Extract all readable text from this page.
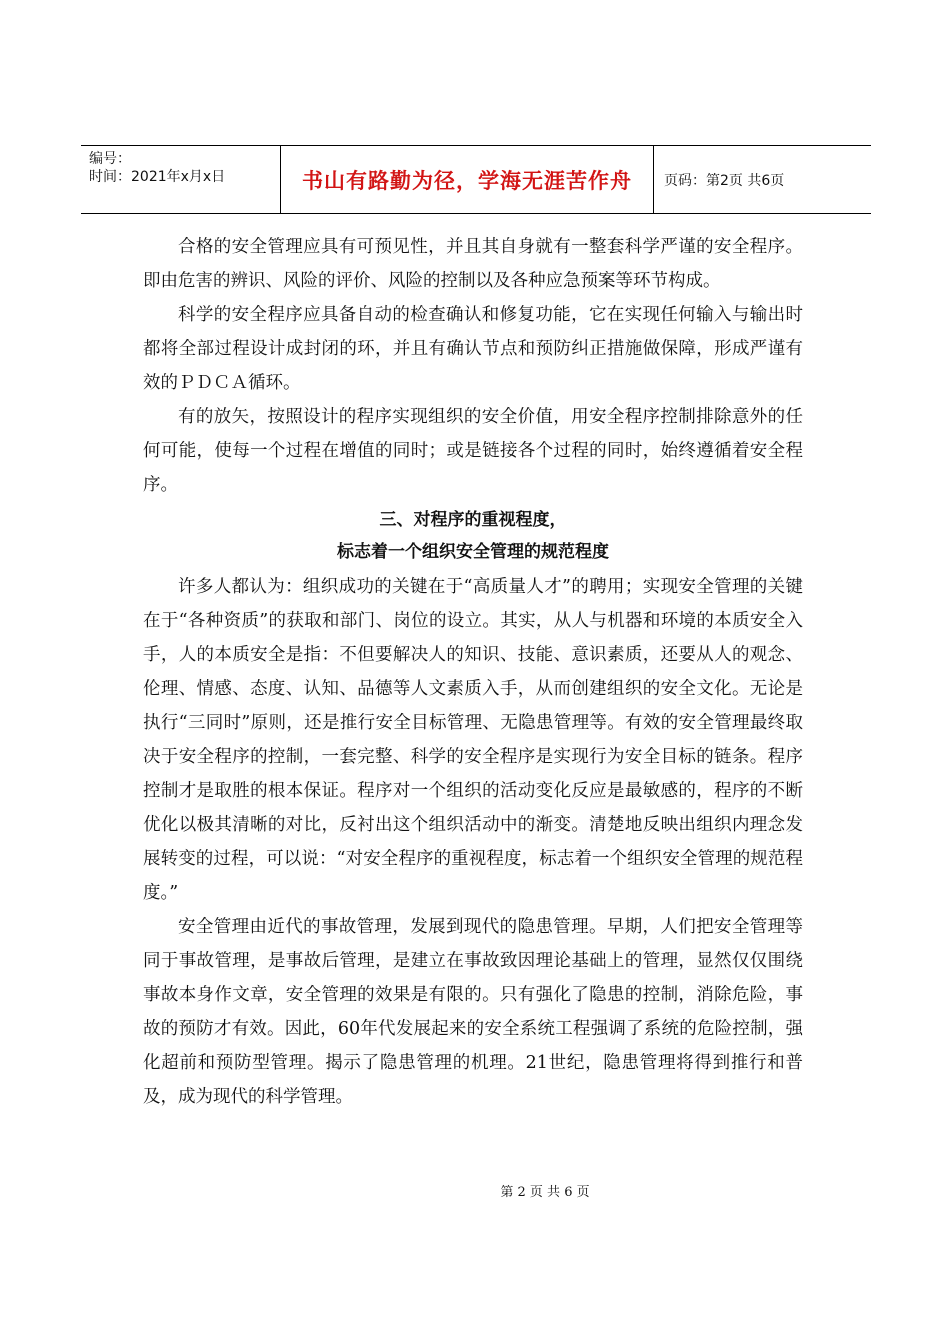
编号：
时间：2021年x月x日	书山有路勤为径，学海无涯苦作舟	页码：第2页 共6页

合格的安全管理应具有可预见性，并且其自身就有一整套科学严谨的安全程序。即由危害的辨识、风险的评价、风险的控制以及各种应急预案等环节构成。

科学的安全程序应具备自动的检查确认和修复功能，它在实现任何输入与输出时都将全部过程设计成封闭的环，并且有确认节点和预防纠正措施做保障，形成严谨有效的ＰＤＣＡ循环。

有的放矢，按照设计的程序实现组织的安全价值，用安全程序控制排除意外的任何可能，使每一个过程在增值的同时；或是链接各个过程的同时，始终遵循着安全程序。

三、对程序的重视程度，
标志着一个组织安全管理的规范程度

许多人都认为：组织成功的关键在于“高质量人才”的聘用；实现安全管理的关键在于“各种资质”的获取和部门、岗位的设立。其实，从人与机器和环境的本质安全入手，人的本质安全是指：不但要解决人的知识、技能、意识素质，还要从人的观念、伦理、情感、态度、认知、品德等人文素质入手，从而创建组织的安全文化。无论是执行“三同时”原则，还是推行安全目标管理、无隐患管理等。有效的安全管理最终取决于安全程序的控制，一套完整、科学的安全程序是实现行为安全目标的链条。程序控制才是取胜的根本保证。程序对一个组织的活动变化反应是最敏感的，程序的不断优化以极其清晰的对比，反衬出这个组织活动中的渐变。清楚地反映出组织内理念发展转变的过程，可以说：“对安全程序的重视程度，标志着一个组织安全管理的规范程度。”

安全管理由近代的事故管理，发展到现代的隐患管理。早期，人们把安全管理等同于事故管理，是事故后管理，是建立在事故致因理论基础上的管理，显然仅仅围绕事故本身作文章，安全管理的效果是有限的。只有强化了隐患的控制，消除危险，事故的预防才有效。因此，60年代发展起来的安全系统工程强调了系统的危险控制，强化超前和预防型管理。揭示了隐患管理的机理。21世纪，隐患管理将得到推行和普及，成为现代的科学管理。

第 2 页 共 6 页
